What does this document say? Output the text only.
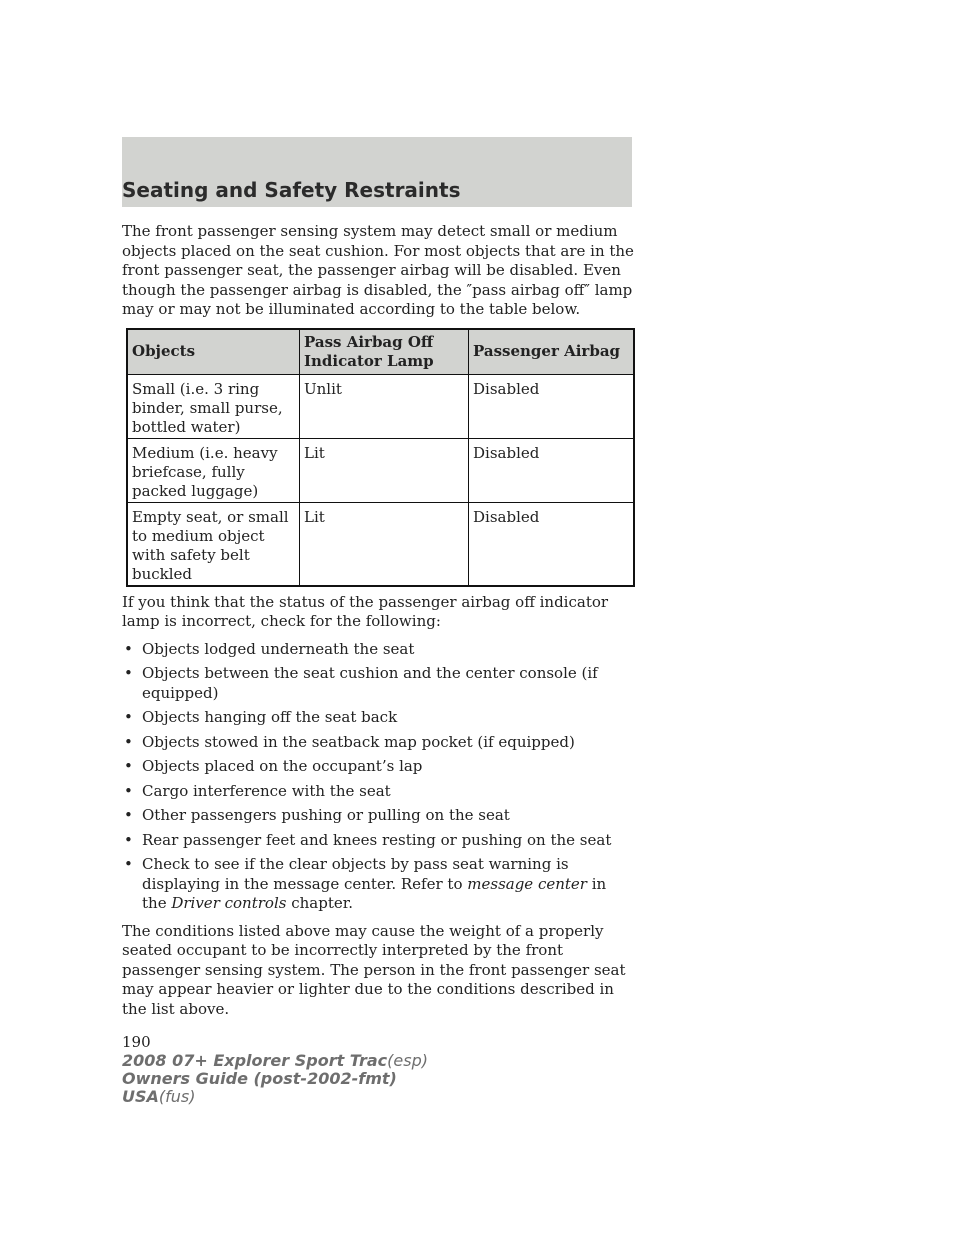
Seating and Safety Restraints

The front passenger sensing system may detect small or medium objects placed on the seat cushion. For most objects that are in the front passenger seat, the passenger airbag will be disabled. Even though the passenger airbag is disabled, the ″pass airbag off″ lamp may or may not be illuminated according to the table below.

Objects	Pass Airbag Off Indicator Lamp	Passenger Airbag
Small (i.e. 3 ring binder, small purse, bottled water)	Unlit	Disabled
Medium (i.e. heavy briefcase, fully packed luggage)	Lit	Disabled
Empty seat, or small to medium object with safety belt buckled	Lit	Disabled

If you think that the status of the passenger airbag off indicator lamp is incorrect, check for the following:

• Objects lodged underneath the seat
• Objects between the seat cushion and the center console (if equipped)
• Objects hanging off the seat back
• Objects stowed in the seatback map pocket (if equipped)
• Objects placed on the occupant’s lap
• Cargo interference with the seat
• Other passengers pushing or pulling on the seat
• Rear passenger feet and knees resting or pushing on the seat
• Check to see if the clear objects by pass seat warning is displaying in the message center. Refer to message center in the Driver controls chapter.

The conditions listed above may cause the weight of a properly seated occupant to be incorrectly interpreted by the front passenger sensing system. The person in the front passenger seat may appear heavier or lighter due to the conditions described in the list above.

190
2008 07+ Explorer Sport Trac(esp)
Owners Guide (post-2002-fmt)
USA(fus)
